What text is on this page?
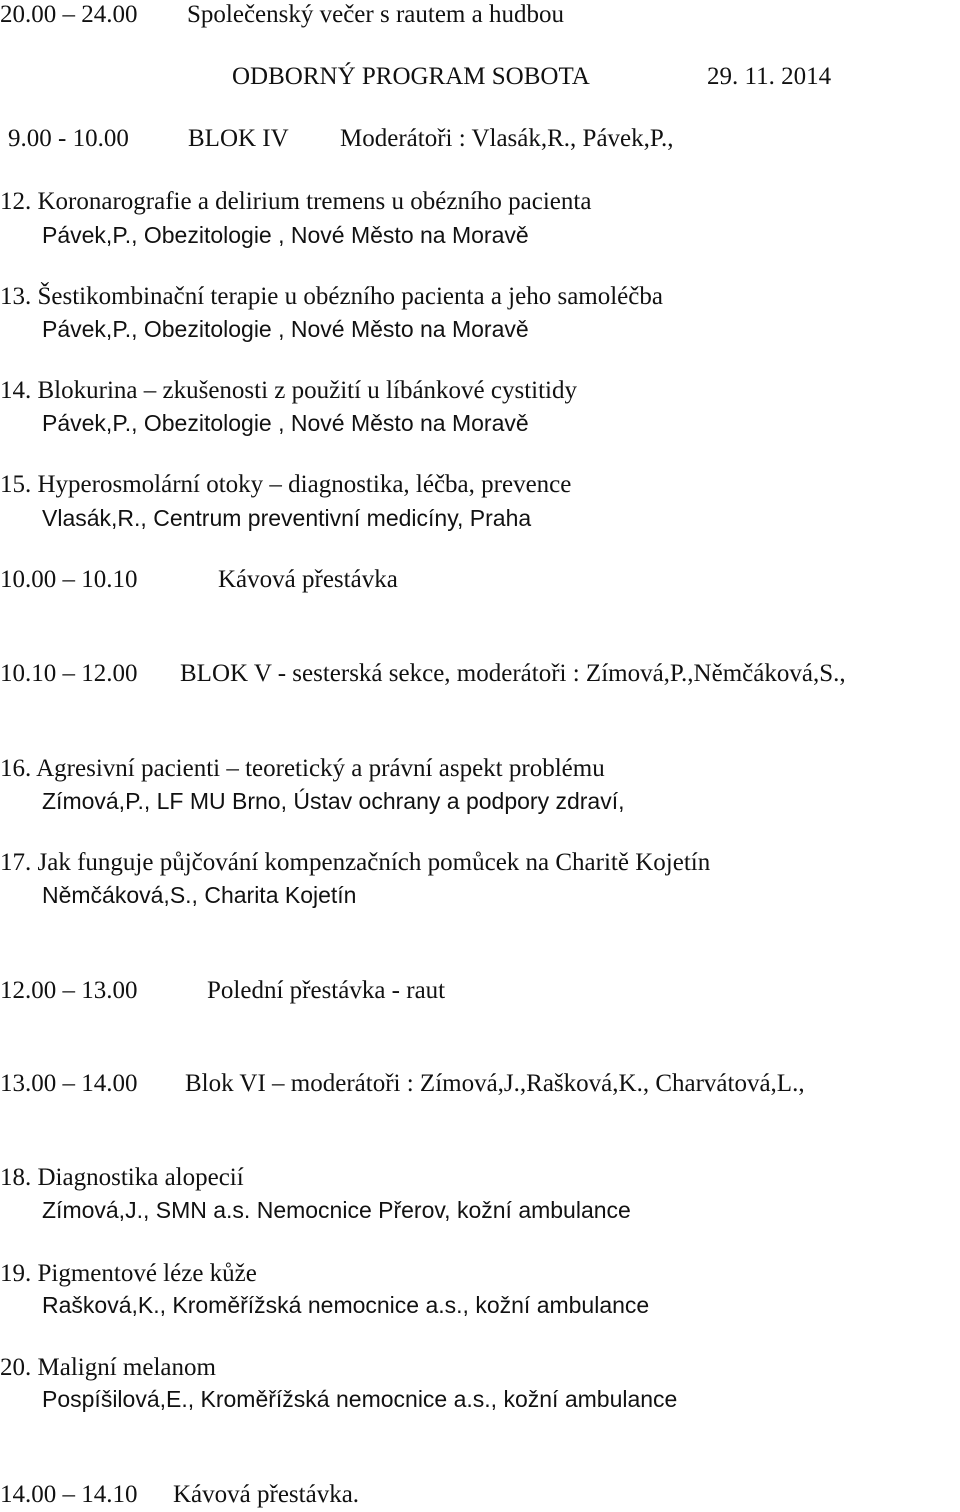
20.00 – 24.00 Společenský večer s rautem a hudbou
ODBORNÝ PROGRAM SOBOTA	29. 11. 2014
9.00 - 10.00 BLOK IV Moderátoři : Vlasák,R., Pávek,P.,
12. Koronarografie a delirium tremens u obézního pacienta
Pávek,P., Obezitologie , Nové Město na Moravě
13. Šestikombinační terapie u obézního pacienta a jeho samoléčba
Pávek,P., Obezitologie , Nové Město na Moravě
14. Blokurina – zkušenosti z použití u líbánkové cystitidy
Pávek,P., Obezitologie , Nové Město na Moravě
15. Hyperosmolární otoky – diagnostika, léčba, prevence
Vlasák,R., Centrum preventivní medicíny, Praha
10.00 – 10.10	Kávová přestávka
10.10 – 12.00 BLOK V - sesterská sekce, moderátoři : Zímová,P.,Němčáková,S.,
16. Agresivní pacienti – teoretický a právní aspekt problému
Zímová,P., LF MU Brno, Ústav ochrany a podpory zdraví,
17. Jak funguje půjčování kompenzačních pomůcek na Charitě Kojetín
Němčáková,S., Charita Kojetín
12.00 – 13.00	Polední přestávka - raut
13.00 – 14.00 Blok VI – moderátoři : Zímová,J.,Rašková,K., Charvátová,L.,
18. Diagnostika alopecií
Zímová,J., SMN a.s. Nemocnice Přerov, kožní ambulance
19. Pigmentové léze kůže
Rašková,K., Kroměřížská nemocnice a.s., kožní ambulance
20. Maligní melanom
Pospíšilová,E., Kroměřížská nemocnice a.s., kožní ambulance
14.00 – 14.10 Kávová přestávka.
